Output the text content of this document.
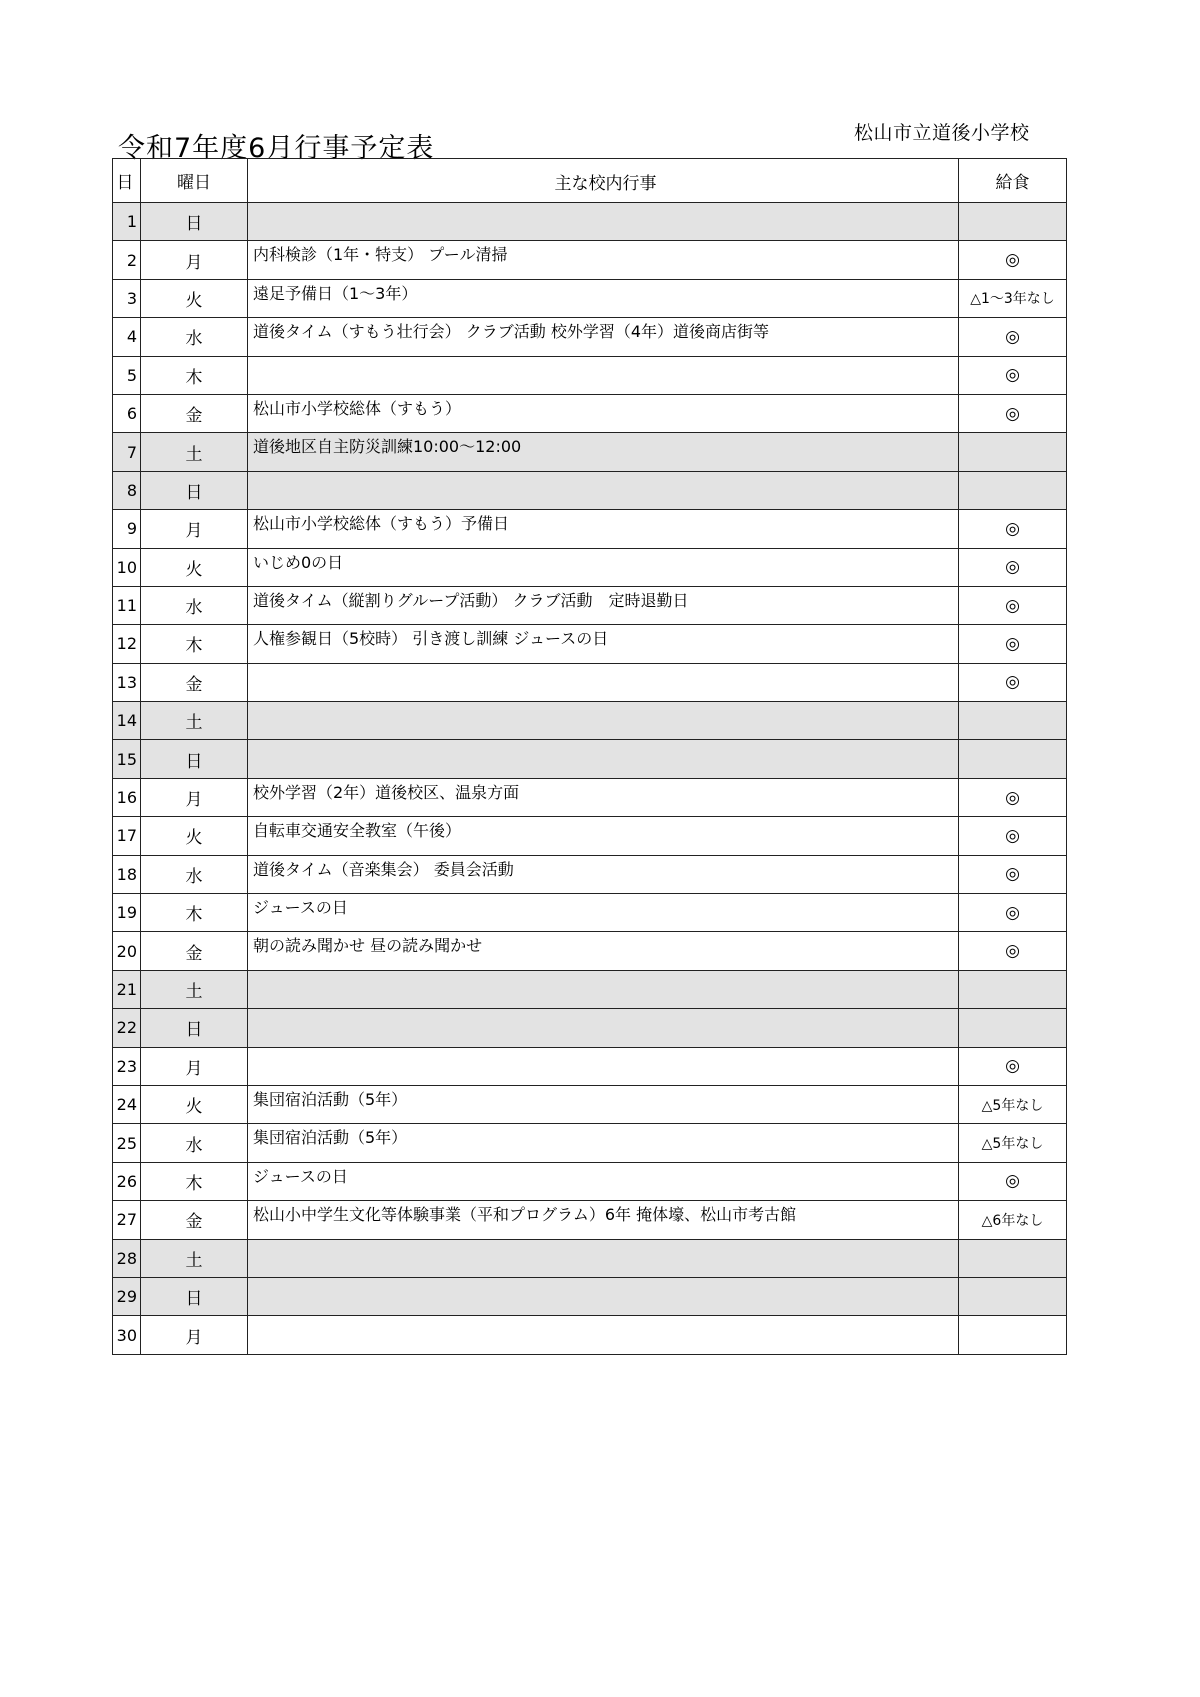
松山市立道後小学校
令和7年度6月行事予定表
日	曜日	主な校内行事	給食
1	日		
2	月	内科検診（1年・特支） プール清掃	◎
3	火	遠足予備日（1～3年）	△1～3年なし
4	水	道後タイム（すもう壮行会） クラブ活動 校外学習（4年）道後商店街等	◎
5	木		◎
6	金	松山市小学校総体（すもう）	◎
7	土	道後地区自主防災訓練10:00～12:00	
8	日		
9	月	松山市小学校総体（すもう）予備日	◎
10	火	いじめ0の日	◎
11	水	道後タイム（縦割りグループ活動） クラブ活動　定時退勤日	◎
12	木	人権参観日（5校時） 引き渡し訓練 ジュースの日	◎
13	金		◎
14	土		
15	日		
16	月	校外学習（2年）道後校区、温泉方面	◎
17	火	自転車交通安全教室（午後）	◎
18	水	道後タイム（音楽集会） 委員会活動	◎
19	木	ジュースの日	◎
20	金	朝の読み聞かせ 昼の読み聞かせ	◎
21	土		
22	日		
23	月		◎
24	火	集団宿泊活動（5年）	△5年なし
25	水	集団宿泊活動（5年）	△5年なし
26	木	ジュースの日	◎
27	金	松山小中学生文化等体験事業（平和プログラム）6年 掩体壕、松山市考古館	△6年なし
28	土		
29	日		
30	月		
